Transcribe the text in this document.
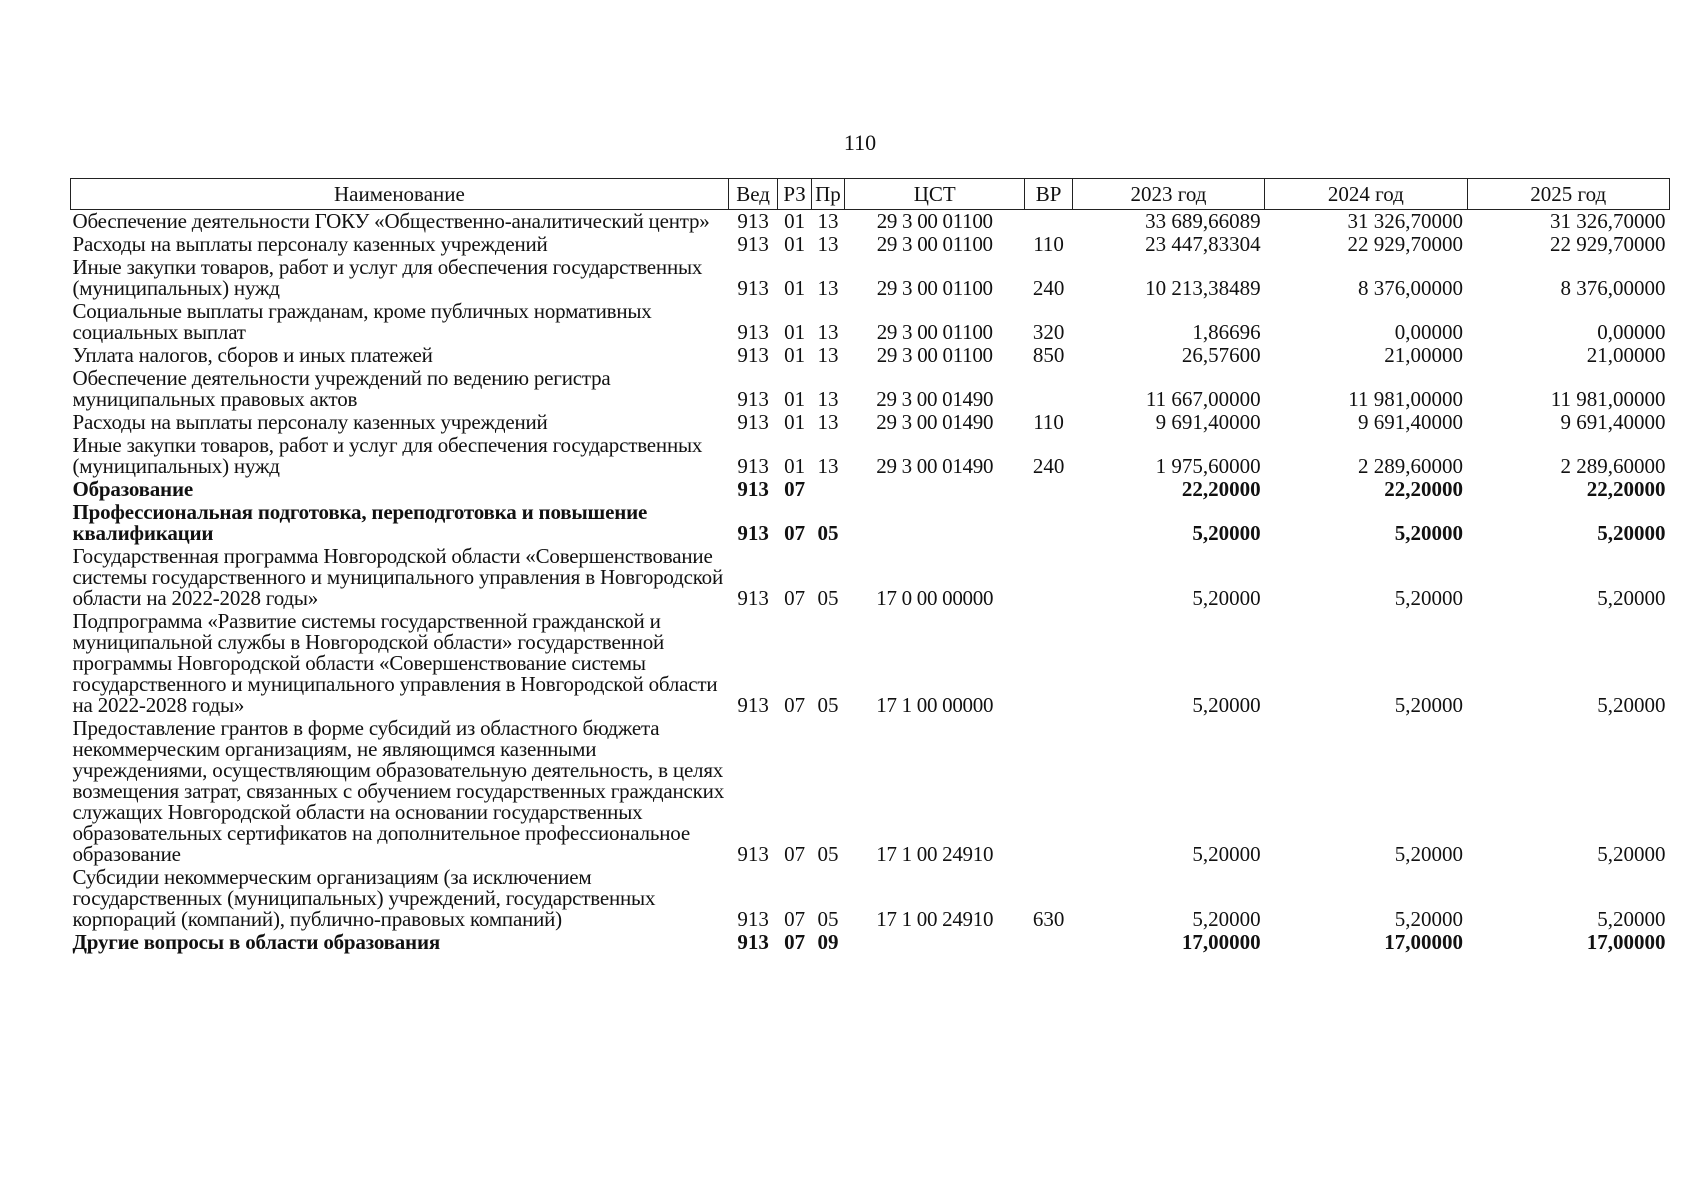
110
Наименование	Вед	РЗ	Пр	ЦСТ	ВР	2023 год	2024 год	2025 год
Обеспечение деятельности ГОКУ «Общественно-аналитический центр»	913	01	13	29 3 00 01100		33 689,66089	31 326,70000	31 326,70000
Расходы на выплаты персоналу казенных учреждений	913	01	13	29 3 00 01100	110	23 447,83304	22 929,70000	22 929,70000
Иные закупки товаров, работ и услуг для обеспечения государственных (муниципальных) нужд	913	01	13	29 3 00 01100	240	10 213,38489	8 376,00000	8 376,00000
Социальные выплаты гражданам, кроме публичных нормативных социальных выплат	913	01	13	29 3 00 01100	320	1,86696	0,00000	0,00000
Уплата налогов, сборов и иных платежей	913	01	13	29 3 00 01100	850	26,57600	21,00000	21,00000
Обеспечение деятельности учреждений по ведению регистра муниципальных правовых актов	913	01	13	29 3 00 01490		11 667,00000	11 981,00000	11 981,00000
Расходы на выплаты персоналу казенных учреждений	913	01	13	29 3 00 01490	110	9 691,40000	9 691,40000	9 691,40000
Иные закупки товаров, работ и услуг для обеспечения государственных (муниципальных) нужд	913	01	13	29 3 00 01490	240	1 975,60000	2 289,60000	2 289,60000
Образование	913	07				22,20000	22,20000	22,20000
Профессиональная подготовка, переподготовка и повышение квалификации	913	07	05			5,20000	5,20000	5,20000
Государственная программа Новгородской области «Совершенствование системы государственного и муниципального управления в Новгородской области на 2022-2028 годы»	913	07	05	17 0 00 00000		5,20000	5,20000	5,20000
Подпрограмма «Развитие системы государственной гражданской и муниципальной службы в Новгородской области» государственной программы Новгородской области «Совершенствование системы государственного и муниципального управления в Новгородской области на 2022-2028 годы»	913	07	05	17 1 00 00000		5,20000	5,20000	5,20000
Предоставление грантов в форме субсидий из областного бюджета некоммерческим организациям, не являющимся казенными учреждениями, осуществляющим образовательную деятельность, в целях возмещения затрат, связанных с обучением государственных гражданских служащих Новгородской области на основании государственных образовательных сертификатов на дополнительное профессиональное образование	913	07	05	17 1 00 24910		5,20000	5,20000	5,20000
Субсидии некоммерческим организациям (за исключением государственных (муниципальных) учреждений, государственных корпораций (компаний), публично-правовых компаний)	913	07	05	17 1 00 24910	630	5,20000	5,20000	5,20000
Другие вопросы в области образования	913	07	09			17,00000	17,00000	17,00000
